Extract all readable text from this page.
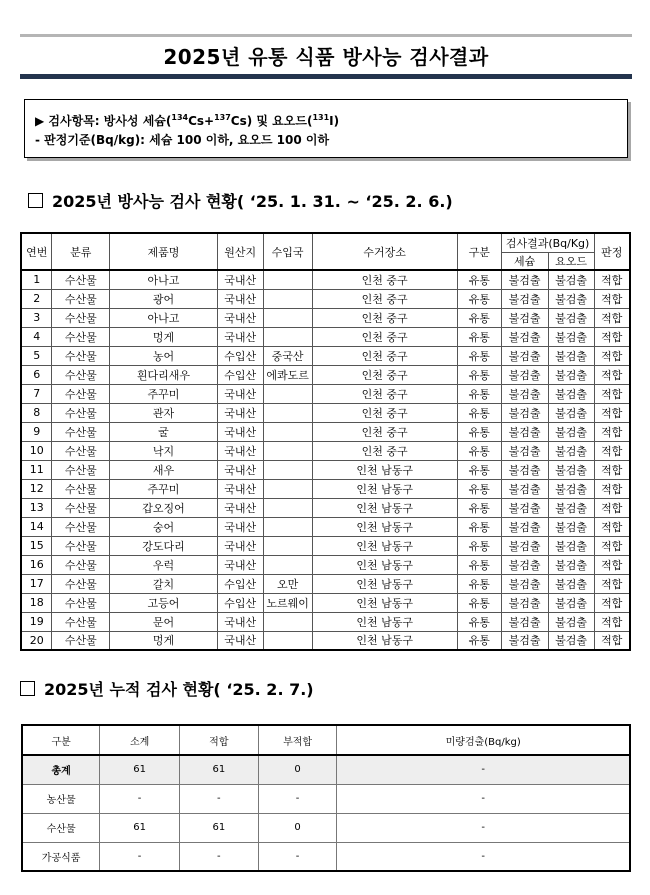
2025년 유통 식품 방사능 검사결과
▶ 검사항목: 방사성 세슘($^{134}$Cs+$^{137}$Cs) 및 요오드($^{131}$I)
- 판정기준(Bq/kg): 세슘 100 이하, 요오드 100 이하
2025년 방사능 검사 현황( ‘25. 1. 31. ~ ‘25. 2. 6.)
연번	분류	제품명	원산지	수입국	수거장소	구분	검사결과(Bq/Kg)		판정
							세슘	요오드	
1	수산물	아나고	국내산		인천 중구	유통	불검출	불검출	적합
2	수산물	광어	국내산		인천 중구	유통	불검출	불검출	적합
3	수산물	아나고	국내산		인천 중구	유통	불검출	불검출	적합
4	수산물	멍게	국내산		인천 중구	유통	불검출	불검출	적합
5	수산물	농어	수입산	중국산	인천 중구	유통	불검출	불검출	적합
6	수산물	흰다리새우	수입산	에콰도르	인천 중구	유통	불검출	불검출	적합
7	수산물	주꾸미	국내산		인천 중구	유통	불검출	불검출	적합
8	수산물	관자	국내산		인천 중구	유통	불검출	불검출	적합
9	수산물	굴	국내산		인천 중구	유통	불검출	불검출	적합
10	수산물	낙지	국내산		인천 중구	유통	불검출	불검출	적합
11	수산물	새우	국내산		인천 남동구	유통	불검출	불검출	적합
12	수산물	주꾸미	국내산		인천 남동구	유통	불검출	불검출	적합
13	수산물	갑오징어	국내산		인천 남동구	유통	불검출	불검출	적합
14	수산물	숭어	국내산		인천 남동구	유통	불검출	불검출	적합
15	수산물	강도다리	국내산		인천 남동구	유통	불검출	불검출	적합
16	수산물	우럭	국내산		인천 남동구	유통	불검출	불검출	적합
17	수산물	갈치	수입산	오만	인천 남동구	유통	불검출	불검출	적합
18	수산물	고등어	수입산	노르웨이	인천 남동구	유통	불검출	불검출	적합
19	수산물	문어	국내산		인천 남동구	유통	불검출	불검출	적합
20	수산물	멍게	국내산		인천 남동구	유통	불검출	불검출	적합
2025년 누적 검사 현황( ‘25. 2. 7.)
구분	소계	적합	부적합	미량검출(Bq/kg)
총계	61	61	0	-
농산물	-	-	-	-
수산물	61	61	0	-
가공식품	-	-	-	-
